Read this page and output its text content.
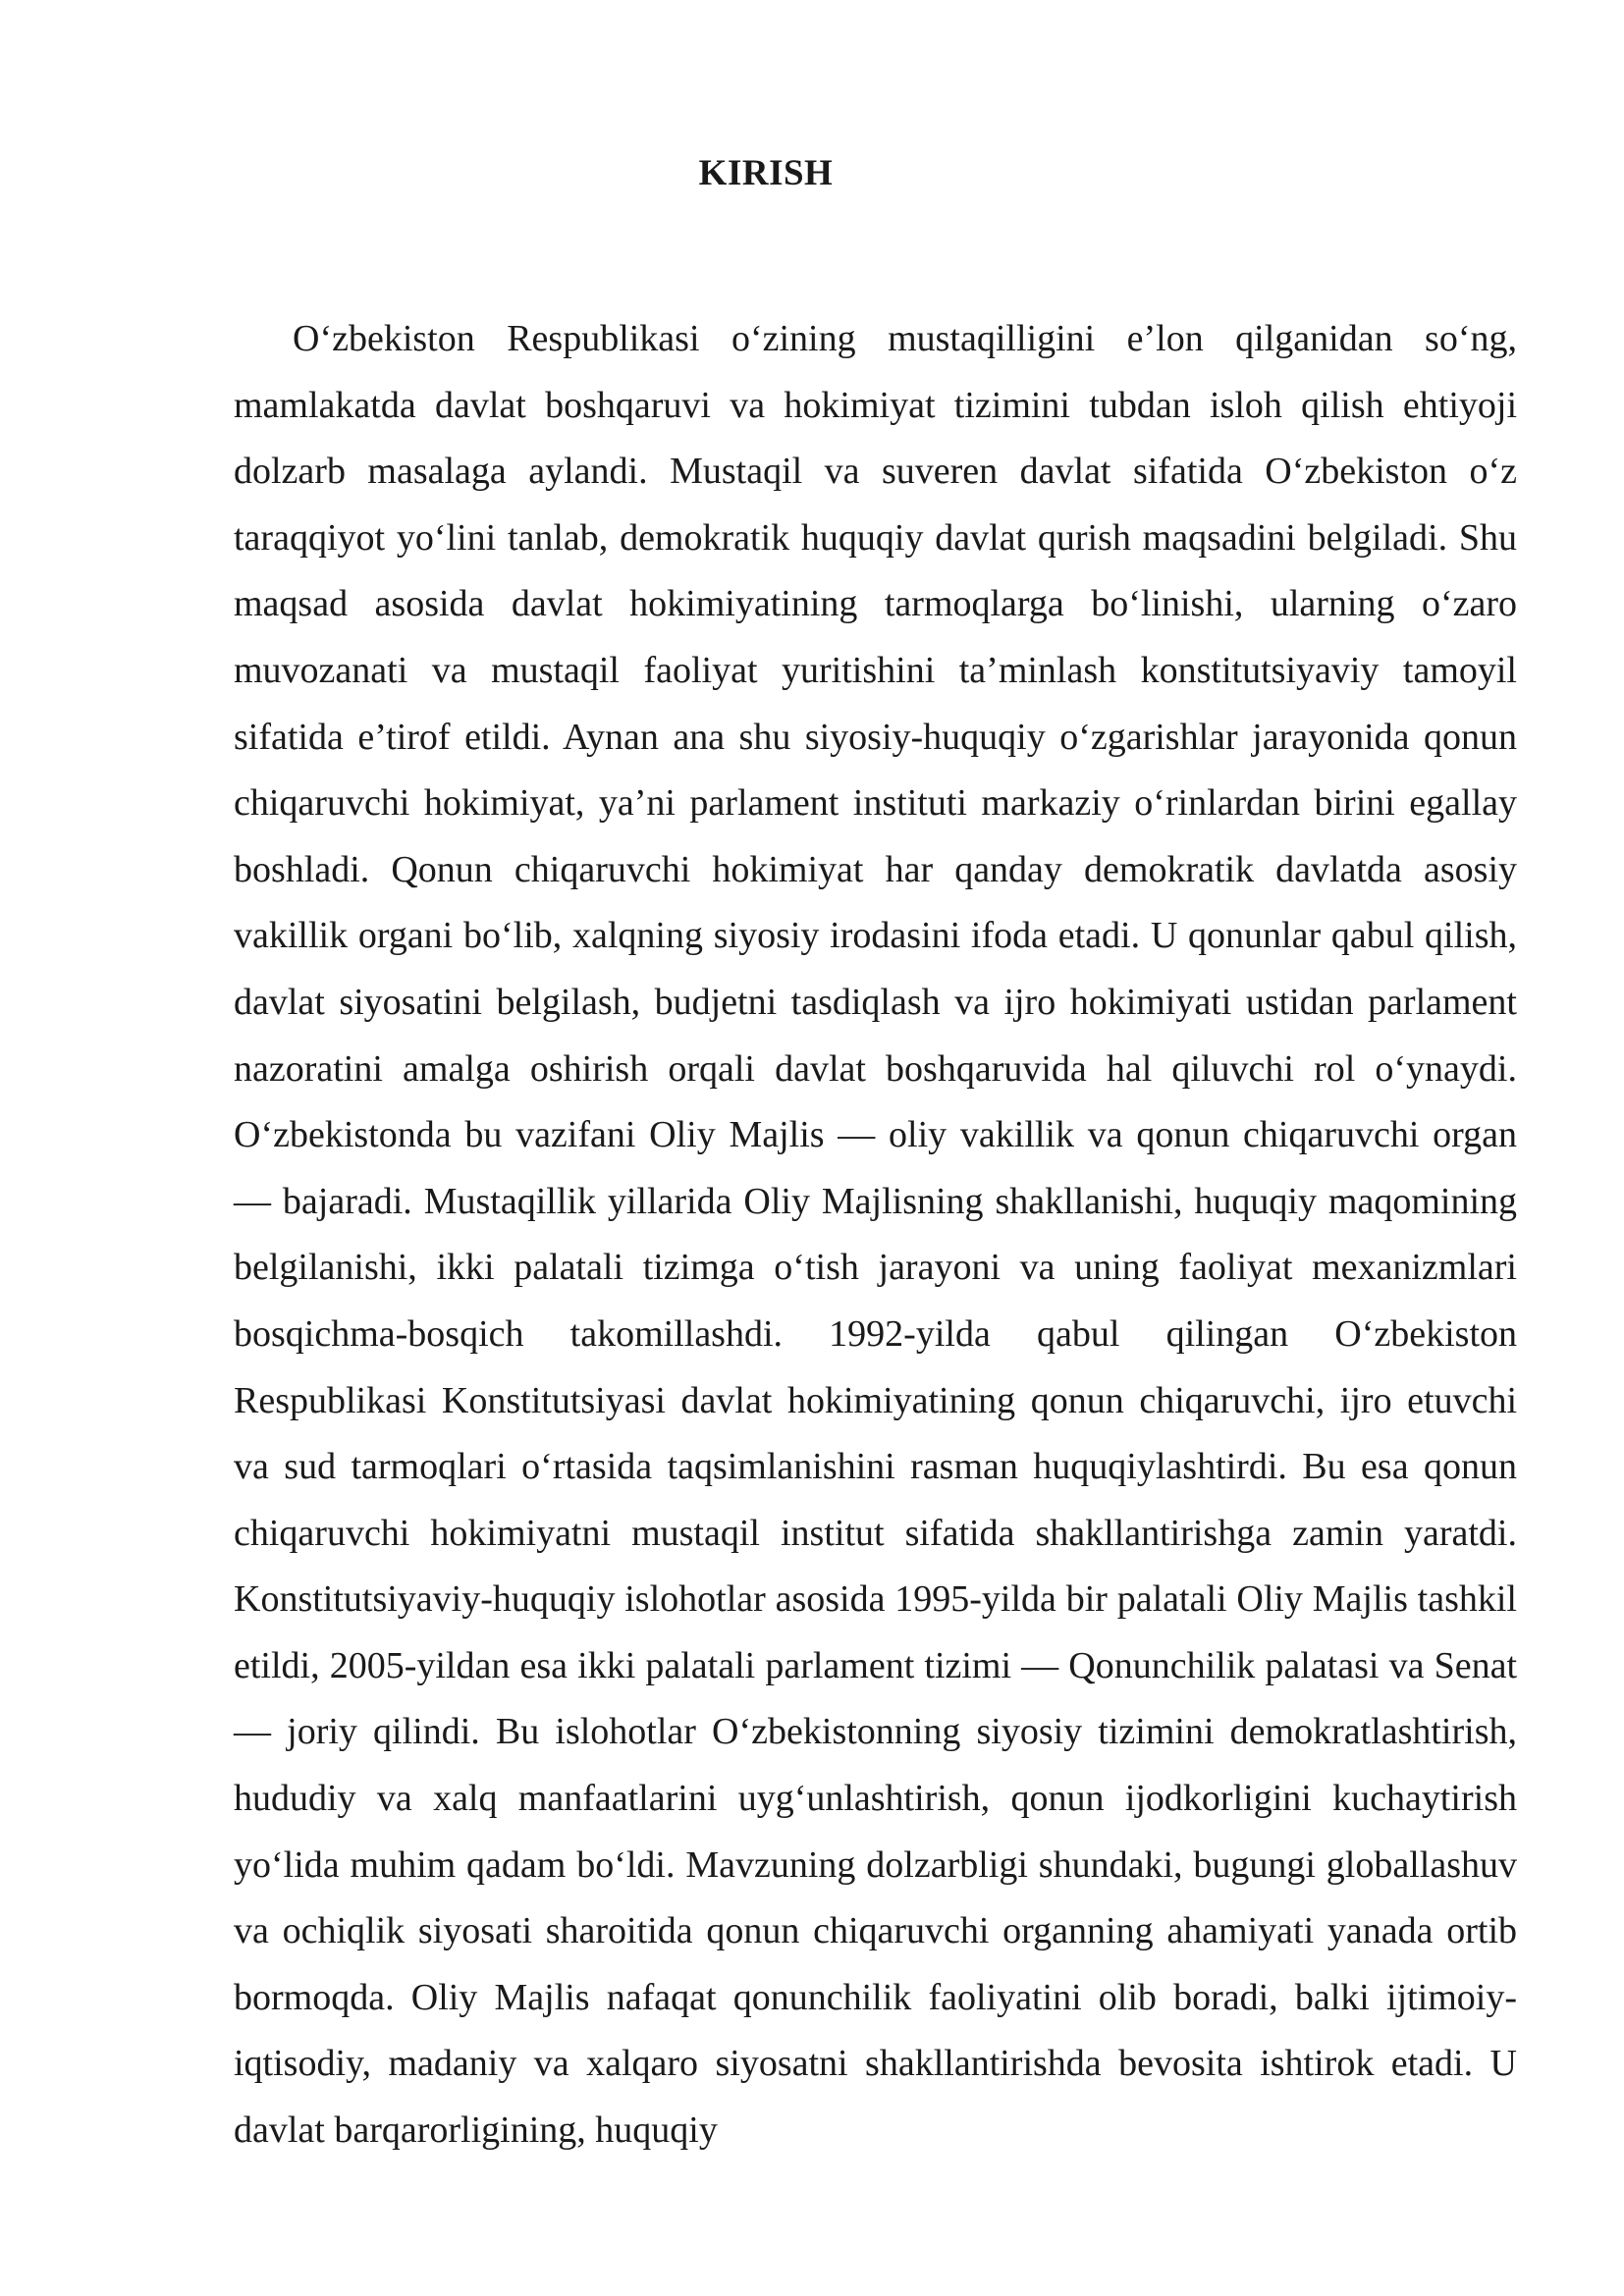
KIRISH

O‘zbekiston Respublikasi o‘zining mustaqilligini e’lon qilganidan so‘ng, mamlakatda davlat boshqaruvi va hokimiyat tizimini tubdan isloh qilish ehtiyoji dolzarb masalaga aylandi. Mustaqil va suveren davlat sifatida O‘zbekiston o‘z taraqqiyot yo‘lini tanlab, demokratik huquqiy davlat qurish maqsadini belgiladi. Shu maqsad asosida davlat hokimiyatining tarmoqlarga bo‘linishi, ularning o‘zaro muvozanati va mustaqil faoliyat yuritishini ta’minlash konstitutsiyaviy tamoyil sifatida e’tirof etildi. Aynan ana shu siyosiy-huquqiy o‘zgarishlar jarayonida qonun chiqaruvchi hokimiyat, ya’ni parlament instituti markaziy o‘rinlardan birini egallay boshladi. Qonun chiqaruvchi hokimiyat har qanday demokratik davlatda asosiy vakillik organi bo‘lib, xalqning siyosiy irodasini ifoda etadi. U qonunlar qabul qilish, davlat siyosatini belgilash, budjetni tasdiqlash va ijro hokimiyati ustidan parlament nazoratini amalga oshirish orqali davlat boshqaruvida hal qiluvchi rol o‘ynaydi. O‘zbekistonda bu vazifani Oliy Majlis — oliy vakillik va qonun chiqaruvchi organ — bajaradi. Mustaqillik yillarida Oliy Majlisning shakllanishi, huquqiy maqomining belgilanishi, ikki palatali tizimga o‘tish jarayoni va uning faoliyat mexanizmlari bosqichma-bosqich takomillashdi. 1992-yilda qabul qilingan O‘zbekiston Respublikasi Konstitutsiyasi davlat hokimiyatining qonun chiqaruvchi, ijro etuvchi va sud tarmoqlari o‘rtasida taqsimlanishini rasman huquqiylashtirdi. Bu esa qonun chiqaruvchi hokimiyatni mustaqil institut sifatida shakllantirishga zamin yaratdi. Konstitutsiyaviy-huquqiy islohotlar asosida 1995-yilda bir palatali Oliy Majlis tashkil etildi, 2005-yildan esa ikki palatali parlament tizimi — Qonunchilik palatasi va Senat — joriy qilindi. Bu islohotlar O‘zbekistonning siyosiy tizimini demokratlashtirish, hududiy va xalq manfaatlarini uyg‘unlashtirish, qonun ijodkorligini kuchaytirish yo‘lida muhim qadam bo‘ldi. Mavzuning dolzarbligi shundaki, bugungi globallashuv va ochiqlik siyosati sharoitida qonun chiqaruvchi organning ahamiyati yanada ortib bormoqda. Oliy Majlis nafaqat qonunchilik faoliyatini olib boradi, balki ijtimoiy-iqtisodiy, madaniy va xalqaro siyosatni shakllantirishda bevosita ishtirok etadi. U davlat barqarorligining, huquqiy
